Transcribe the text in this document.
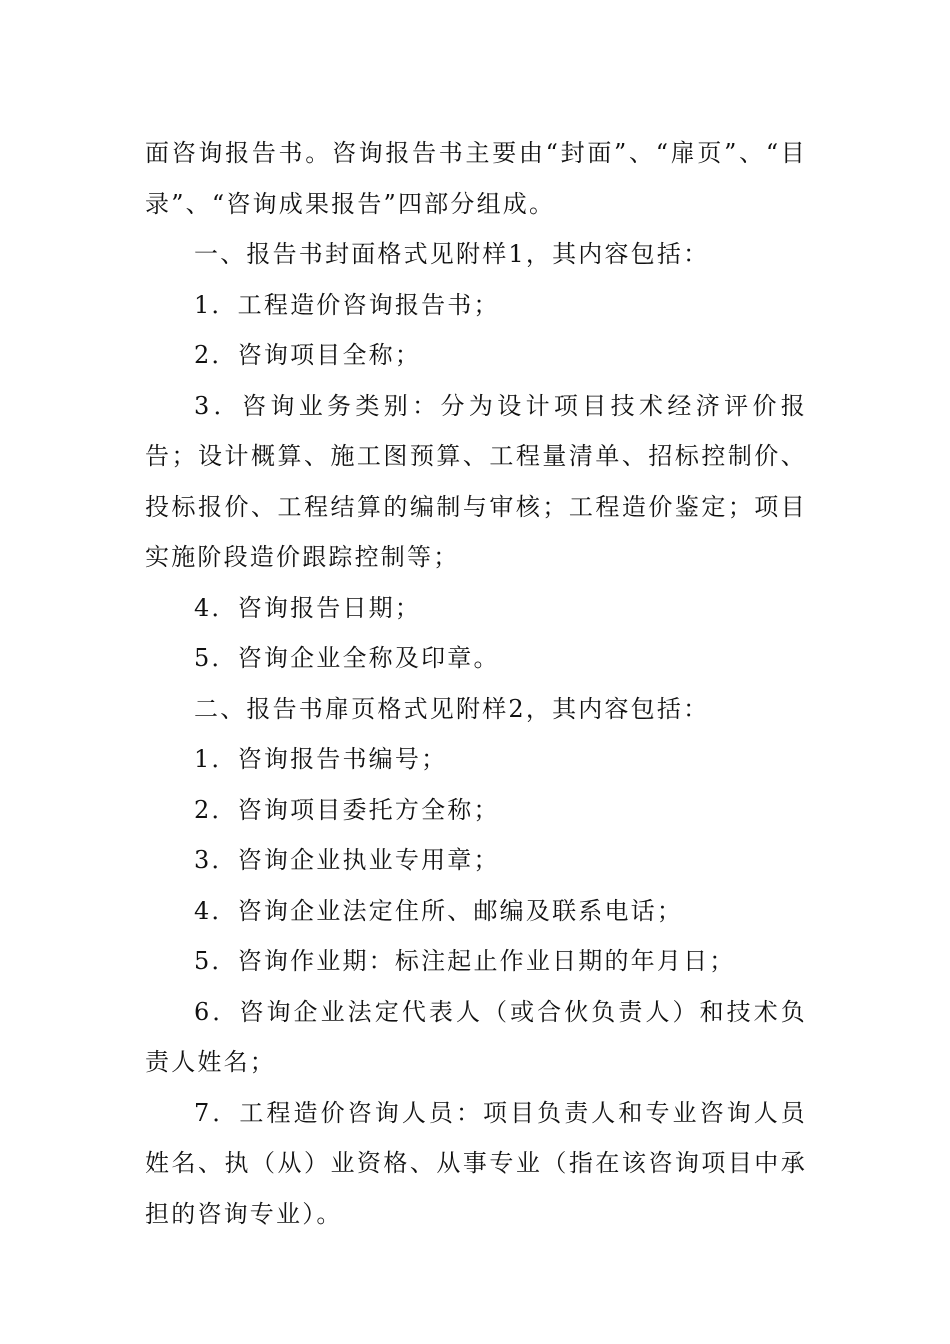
面咨询报告书。咨询报告书主要由“封面”、“扉页”、“目录”、“咨询成果报告”四部分组成。

一、报告书封面格式见附样1，其内容包括：

1．工程造价咨询报告书；

2．咨询项目全称；

3．咨询业务类别：分为设计项目技术经济评价报告；设计概算、施工图预算、工程量清单、招标控制价、投标报价、工程结算的编制与审核；工程造价鉴定；项目实施阶段造价跟踪控制等；

4．咨询报告日期；

5．咨询企业全称及印章。

二、报告书扉页格式见附样2，其内容包括：

1．咨询报告书编号；

2．咨询项目委托方全称；

3．咨询企业执业专用章；

4．咨询企业法定住所、邮编及联系电话；

5．咨询作业期：标注起止作业日期的年月日；

6．咨询企业法定代表人（或合伙负责人）和技术负责人姓名；

7．工程造价咨询人员：项目负责人和专业咨询人员姓名、执（从）业资格、从事专业（指在该咨询项目中承担的咨询专业）。
